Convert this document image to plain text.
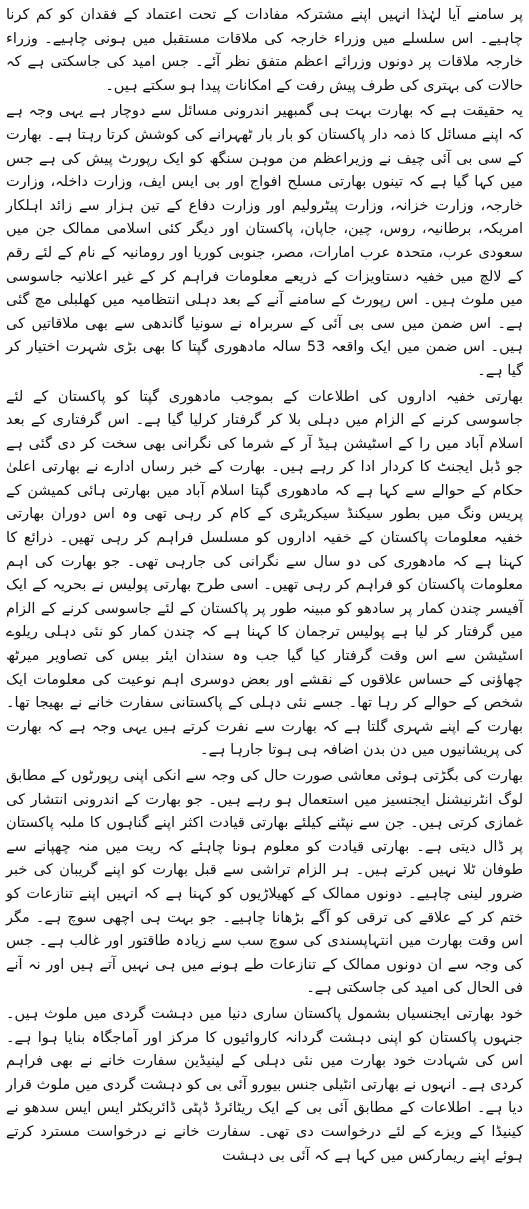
پر سامنے آیا لہٰذا انہیں اپنے مشترکہ مفادات کے تحت اعتماد کے فقدان کو کم کرنا چاہیے۔ اس سلسلے میں وزراء خارجہ کی ملاقات مستقبل میں ہونی چاہیے۔ وزراء خارجہ ملاقات پر دونوں وزرائے اعظم متفق نظر آئے۔ جس امید کی جاسکتی ہے کہ حالات کی بہتری کی طرف پیش رفت کے امکانات پیدا ہو سکتے ہیں۔

یہ حقیقت ہے کہ بھارت بہت ہی گمبھیر اندرونی مسائل سے دوچار ہے یہی وجہ ہے کہ اپنے مسائل کا ذمہ دار پاکستان کو بار بار ٹھہرانے کی کوشش کرتا رہتا ہے۔ بھارت کے سی بی آئی چیف نے وزیراعظم من موہن سنگھ کو ایک رپورٹ پیش کی ہے جس میں کہا گیا ہے کہ تینوں بھارتی مسلح افواج اور بی ایس ایف، وزارت داخلہ، وزارت خارجہ، وزارت خزانہ، وزارت پیٹرولیم اور وزارت دفاع کے تین ہزار سے زائد اہلکار امریکہ، برطانیہ، روس، چین، جاپان، پاکستان اور دیگر کئی اسلامی ممالک جن میں سعودی عرب، متحدہ عرب امارات، مصر، جنوبی کوریا اور رومانیہ کے نام کے لئے رقم کے لالچ میں خفیہ دستاویزات کے ذریعے معلومات فراہم کر کے غیر اعلانیہ جاسوسی میں ملوث ہیں۔ اس رپورٹ کے سامنے آنے کے بعد دہلی انتظامیہ میں کھلبلی مچ گئی ہے۔ اس ضمن میں سی بی آئی کے سربراہ نے سونیا گاندھی سے بھی ملاقاتیں کی ہیں۔ اس ضمن میں ایک واقعہ 53 سالہ مادھوری گپتا کا بھی بڑی شہرت اختیار کر گیا ہے۔

بھارتی خفیہ اداروں کی اطلاعات کے بموجب مادھوری گپتا کو پاکستان کے لئے جاسوسی کرنے کے الزام میں دہلی بلا کر گرفتار کرلیا گیا ہے۔ اس گرفتاری کے بعد اسلام آباد میں را کے اسٹیشن ہیڈ آر کے شرما کی نگرانی بھی سخت کر دی گئی ہے جو ڈبل ایجنٹ کا کردار ادا کر رہے ہیں۔ بھارت کے خبر رساں ادارے نے بھارتی اعلیٰ حکام کے حوالے سے کہا ہے کہ مادھوری گپتا اسلام آباد میں بھارتی ہائی کمیشن کے پریس ونگ میں بطور سیکنڈ سیکریٹری کے کام کر رہی تھی وہ اس دوران بھارتی خفیہ معلومات پاکستان کے خفیہ اداروں کو مسلسل فراہم کر رہی تھیں۔ ذرائع کا کہنا ہے کہ مادھوری کی دو سال سے نگرانی کی جارہی تھی۔ جو بھارت کی اہم معلومات پاکستان کو فراہم کر رہی تھیں۔ اسی طرح بھارتی پولیس نے بحریہ کے ایک آفیسر چندن کمار پر سادھو کو مبینہ طور پر پاکستان کے لئے جاسوسی کرنے کے الزام میں گرفتار کر لیا ہے پولیس ترجمان کا کہنا ہے کہ چندن کمار کو نئی دہلی ریلوے اسٹیشن سے اس وقت گرفتار کیا گیا جب وہ سندان ایئر بیس کی تصاویر میرٹھ چھاؤنی کے حساس علاقوں کے نقشے اور بعض دوسری اہم نوعیت کی معلومات ایک شخص کے حوالے کر رہا تھا۔ جسے نئی دہلی کے پاکستانی سفارت خانے نے بھیجا تھا۔ بھارت کے اپنے شہری گلتا ہے کہ بھارت سے نفرت کرتے ہیں یہی وجہ ہے کہ بھارت کی پریشانیوں میں دن بدن اضافہ ہی ہوتا جارہا ہے۔

بھارت کی بگڑتی ہوئی معاشی صورت حال کی وجہ سے انکی اپنی رپورٹوں کے مطابق لوگ انٹرنیشنل ایجنسیز میں استعمال ہو رہے ہیں۔ جو بھارت کے اندرونی انتشار کی غمازی کرتی ہیں۔ جن سے نپٹنے کیلئے بھارتی قیادت اکثر اپنے گناہوں کا ملبہ پاکستان پر ڈال دیتی ہے۔ بھارتی قیادت کو معلوم ہونا چاہئے کہ ریت میں منہ چھپانے سے طوفان ٹلا نہیں کرتے ہیں۔ ہر الزام تراشی سے قبل بھارت کو اپنے گریبان کی خبر ضرور لینی چاہیے۔ دونوں ممالک کے کھیلاڑیوں کو کہنا ہے کہ انہیں اپنے تنازعات کو ختم کر کے علاقے کی ترقی کو آگے بڑھانا چاہیے۔ جو بہت ہی اچھی سوچ ہے۔ مگر اس وقت بھارت میں انتہاپسندی کی سوچ سب سے زیادہ طاقتور اور غالب ہے۔ جس کی وجہ سے ان دونوں ممالک کے تنازعات طے ہونے میں ہی نہیں آتے ہیں اور نہ آنے فی الحال کی امید کی جاسکتی ہے۔

خود بھارتی ایجنسیاں بشمول پاکستان ساری دنیا میں دہشت گردی میں ملوث ہیں۔ جنہوں پاکستان کو اپنی دہشت گردانہ کاروائیوں کا مرکز اور آماجگاہ بنایا ہوا ہے۔ اس کی شہادت خود بھارت میں نئی دہلی کے لینیڈین سفارت خانے نے بھی فراہم کردی ہے۔ انہوں نے بھارتی انٹیلی جنس بیورو آئی بی کو دہشت گردی میں ملوث قرار دیا ہے۔ اطلاعات کے مطابق آئی بی کے ایک ریٹائرڈ ڈپٹی ڈائریکٹر ایس ایس سدھو نے کینیڈا کے ویزے کے لئے درخواست دی تھی۔ سفارت خانے نے درخواست مسترد کرتے ہوئے اپنے ریمارکس میں کہا ہے کہ آئی بی دہشت
